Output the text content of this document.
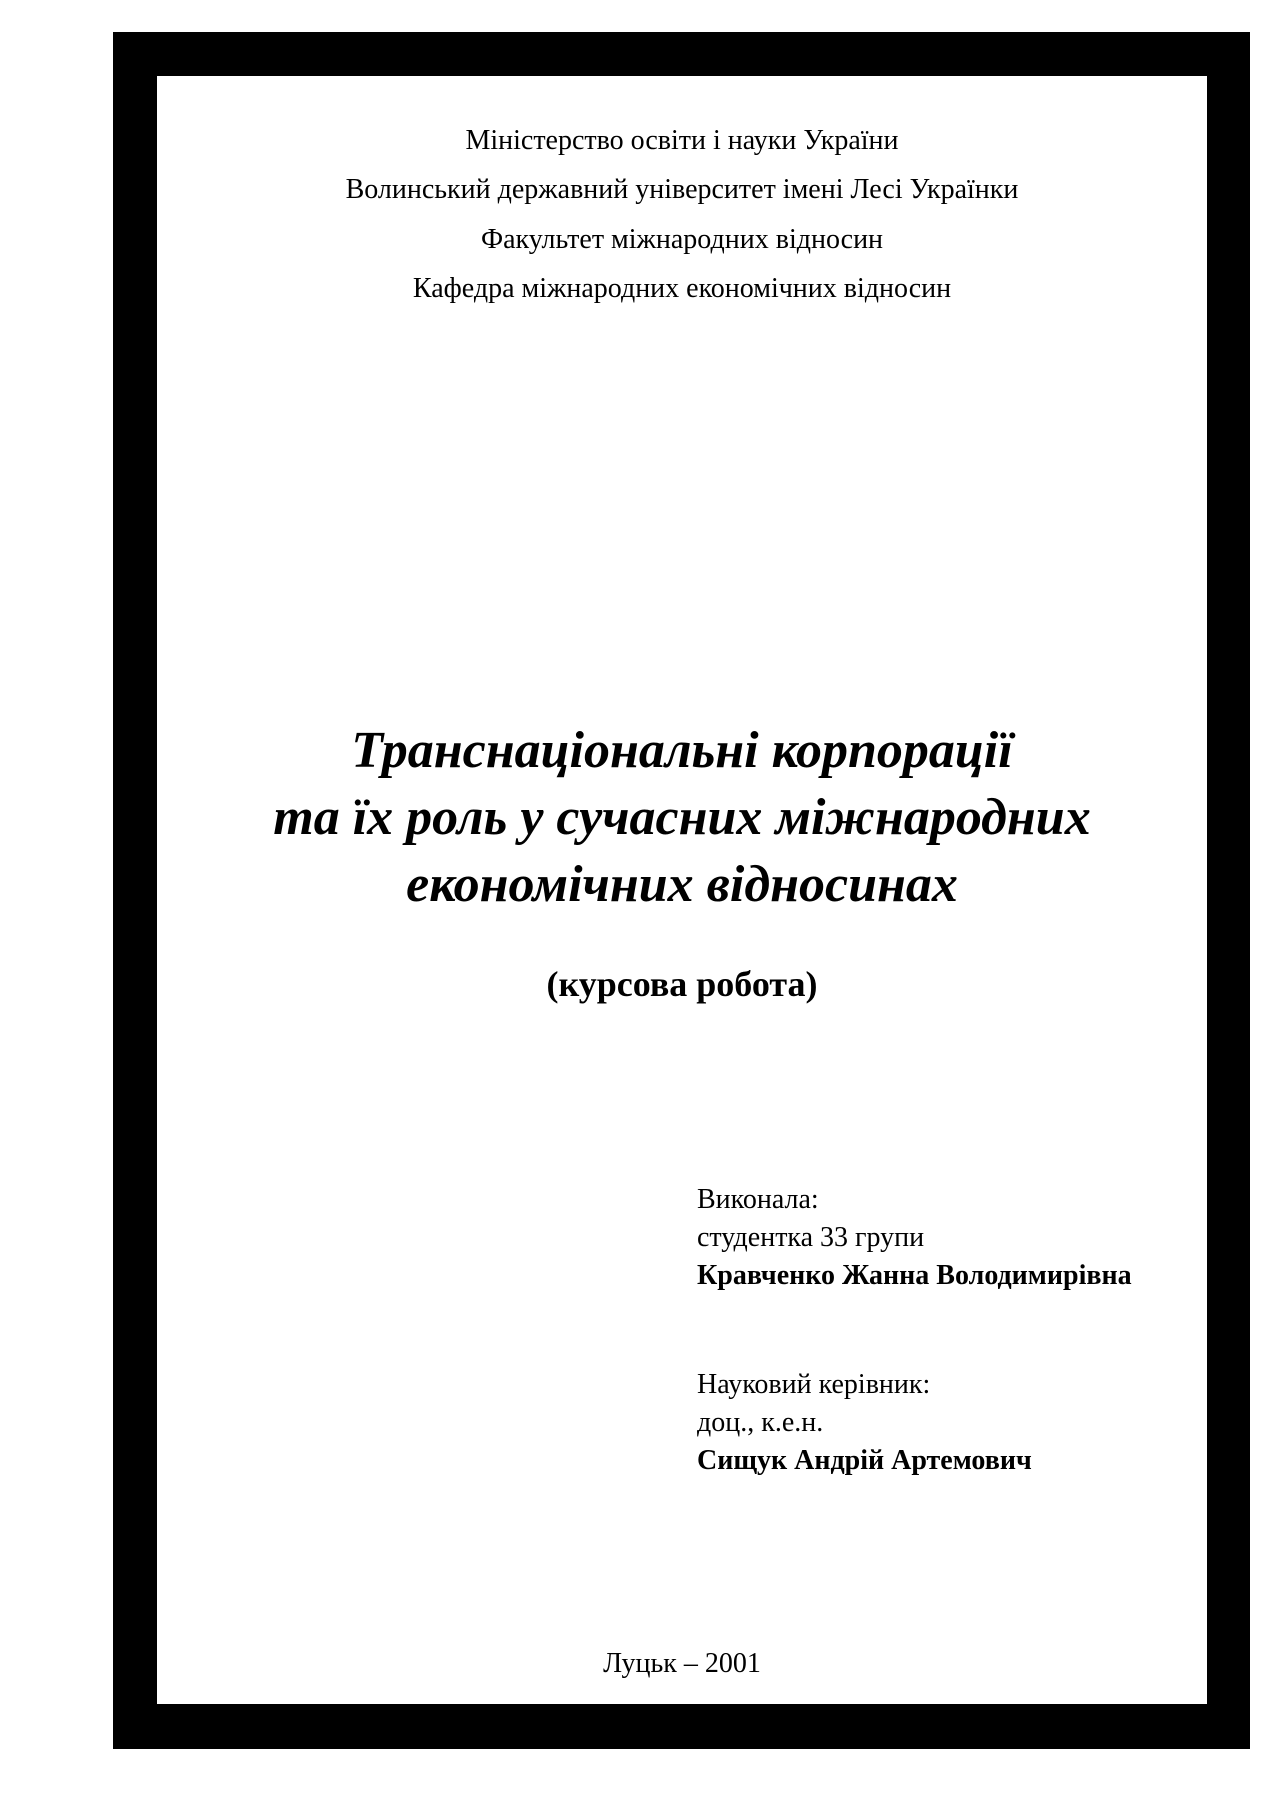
Міністерство освіти і науки України
Волинський державний університет імені Лесі Українки
Факультет міжнародних відносин
Кафедра міжнародних економічних відносин
Транснаціональні корпорації
та їх роль у сучасних міжнародних
економічних відносинах
(курсова робота)
Виконала:
студентка 33 групи
Кравченко Жанна Володимирівна
Науковий керівник:
доц., к.е.н.
Сищук Андрій Артемович
Луцьк – 2001
